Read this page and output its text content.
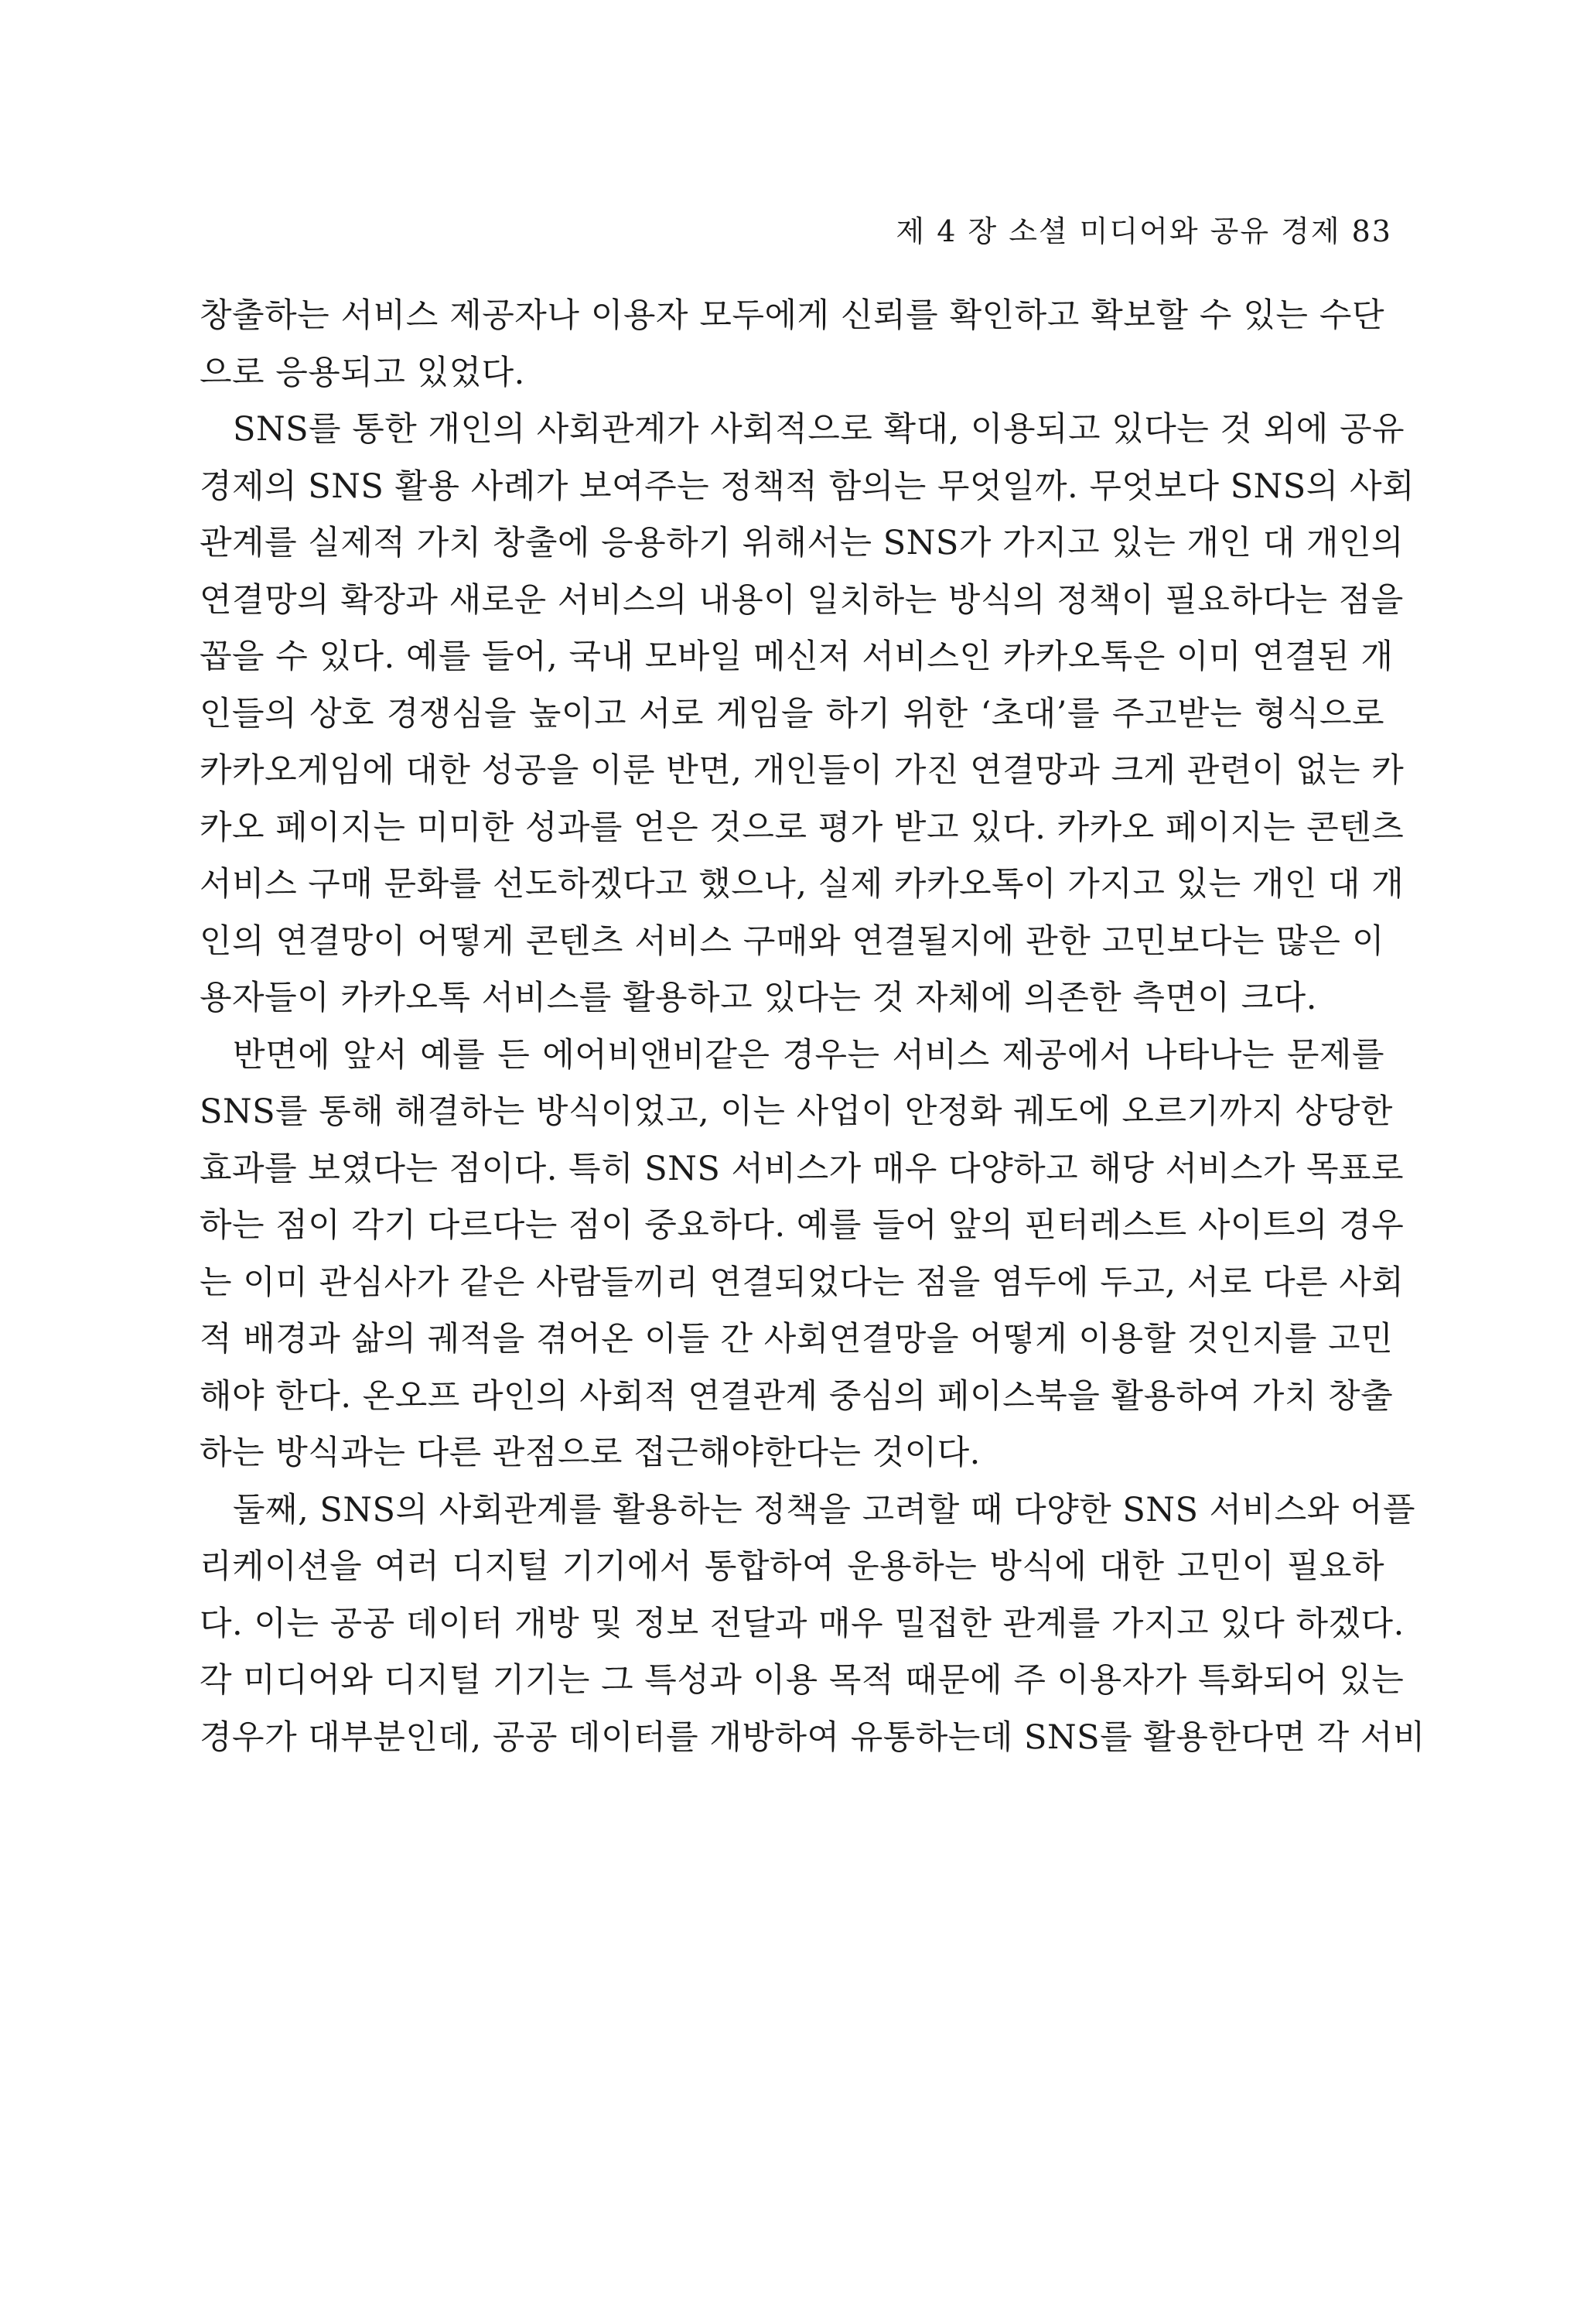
제 4 장 소셜 미디어와 공유 경제 83
창출하는 서비스 제공자나 이용자 모두에게 신뢰를 확인하고 확보할 수 있는 수단
으로 응용되고 있었다.
SNS를 통한 개인의 사회관계가 사회적으로 확대, 이용되고 있다는 것 외에 공유
경제의 SNS 활용 사례가 보여주는 정책적 함의는 무엇일까. 무엇보다 SNS의 사회
관계를 실제적 가치 창출에 응용하기 위해서는 SNS가 가지고 있는 개인 대 개인의
연결망의 확장과 새로운 서비스의 내용이 일치하는 방식의 정책이 필요하다는 점을
꼽을 수 있다. 예를 들어, 국내 모바일 메신저 서비스인 카카오톡은 이미 연결된 개
인들의 상호 경쟁심을 높이고 서로 게임을 하기 위한 ‘초대’를 주고받는 형식으로
카카오게임에 대한 성공을 이룬 반면, 개인들이 가진 연결망과 크게 관련이 없는 카
카오 페이지는 미미한 성과를 얻은 것으로 평가 받고 있다. 카카오 페이지는 콘텐츠
서비스 구매 문화를 선도하겠다고 했으나, 실제 카카오톡이 가지고 있는 개인 대 개
인의 연결망이 어떻게 콘텐츠 서비스 구매와 연결될지에 관한 고민보다는 많은 이
용자들이 카카오톡 서비스를 활용하고 있다는 것 자체에 의존한 측면이 크다.
반면에 앞서 예를 든 에어비앤비같은 경우는 서비스 제공에서 나타나는 문제를
SNS를 통해 해결하는 방식이었고, 이는 사업이 안정화 궤도에 오르기까지 상당한
효과를 보였다는 점이다. 특히 SNS 서비스가 매우 다양하고 해당 서비스가 목표로
하는 점이 각기 다르다는 점이 중요하다. 예를 들어 앞의 핀터레스트 사이트의 경우
는 이미 관심사가 같은 사람들끼리 연결되었다는 점을 염두에 두고, 서로 다른 사회
적 배경과 삶의 궤적을 겪어온 이들 간 사회연결망을 어떻게 이용할 것인지를 고민
해야 한다. 온오프 라인의 사회적 연결관계 중심의 페이스북을 활용하여 가치 창출
하는 방식과는 다른 관점으로 접근해야한다는 것이다.
둘째, SNS의 사회관계를 활용하는 정책을 고려할 때 다양한 SNS 서비스와 어플
리케이션을 여러 디지털 기기에서 통합하여 운용하는 방식에 대한 고민이 필요하
다. 이는 공공 데이터 개방 및 정보 전달과 매우 밀접한 관계를 가지고 있다 하겠다.
각 미디어와 디지털 기기는 그 특성과 이용 목적 때문에 주 이용자가 특화되어 있는
경우가 대부분인데, 공공 데이터를 개방하여 유통하는데 SNS를 활용한다면 각 서비
